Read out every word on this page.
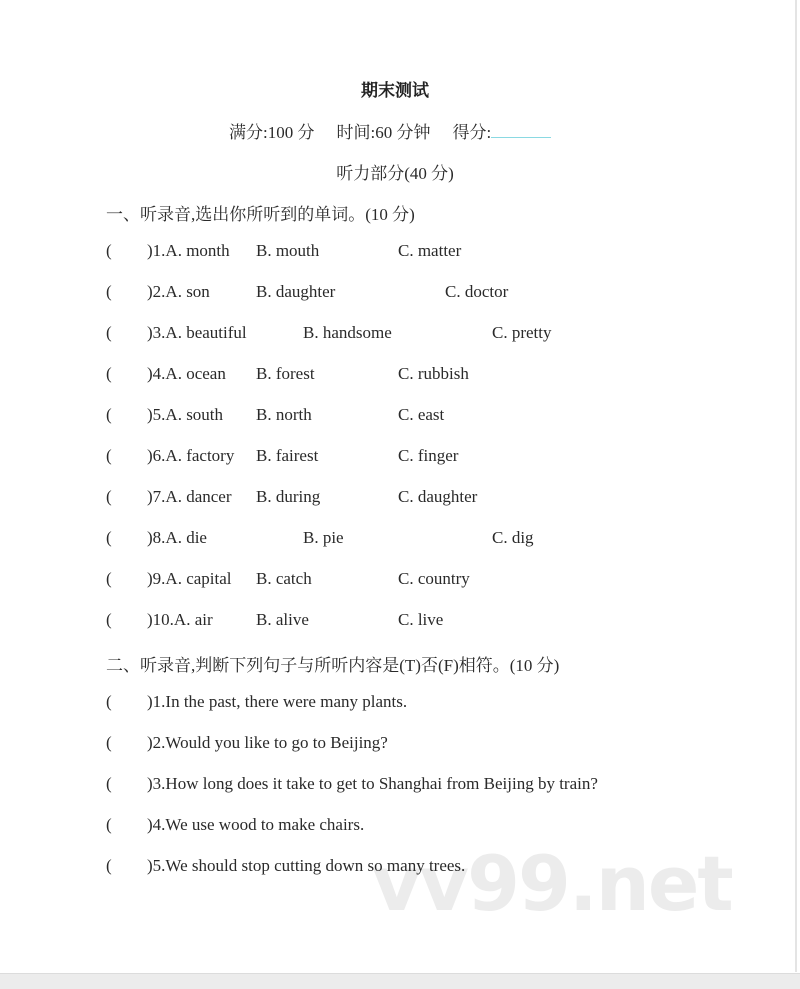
vv99.net
期末测试
满分:100 分 时间:60 分钟 得分:
听力部分(40 分)
一、听录音,选出你所听到的单词。(10 分)
( )1.A. month B. mouth	C. matter
( )2.A. son	B. daughter	C. doctor
( )3.A. beautiful	B. handsome	C. pretty
( )4.A. ocean B. forest	C. rubbish
( )5.A. south B. north	C. east
( )6.A. factory B. fairest	C. finger
( )7.A. dancer B. during	C. daughter
( )8.A. die	B. pie	C. dig
( )9.A. capital B. catch	C. country
( )10.A. air	B. alive	C. live
二、听录音,判断下列句子与所听内容是(T)否(F)相符。(10 分)
( )1.In the past, there were many plants.
( )2.Would you like to go to Beijing?
( )3.How long does it take to get to Shanghai from Beijing by train?
( )4.We use wood to make chairs.
( )5.We should stop cutting down so many trees.
